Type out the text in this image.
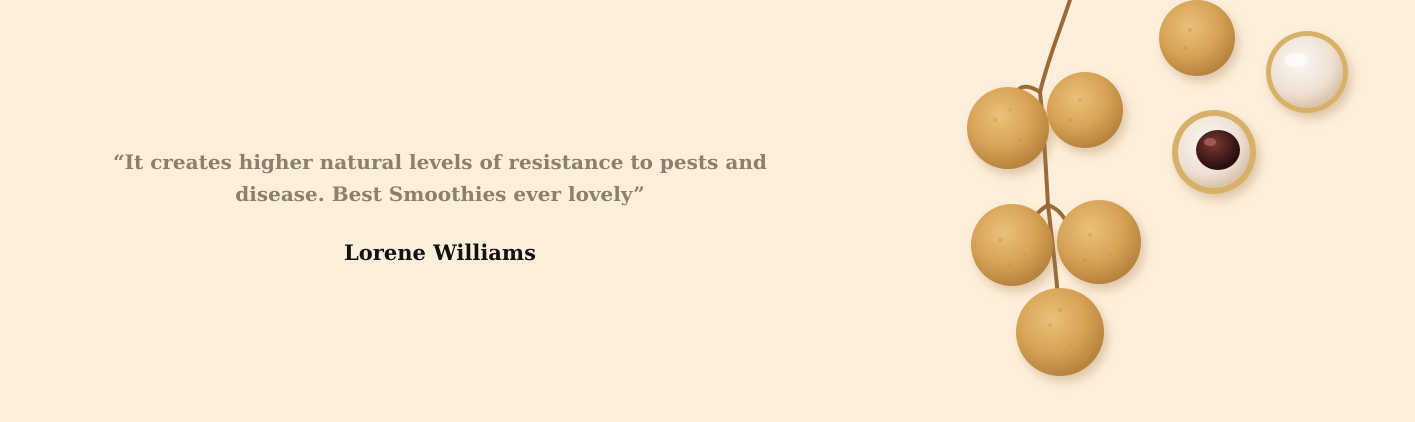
“It creates higher natural levels of resistance to pests and disease. Best Smoothies ever lovely”

Lorene Williams
